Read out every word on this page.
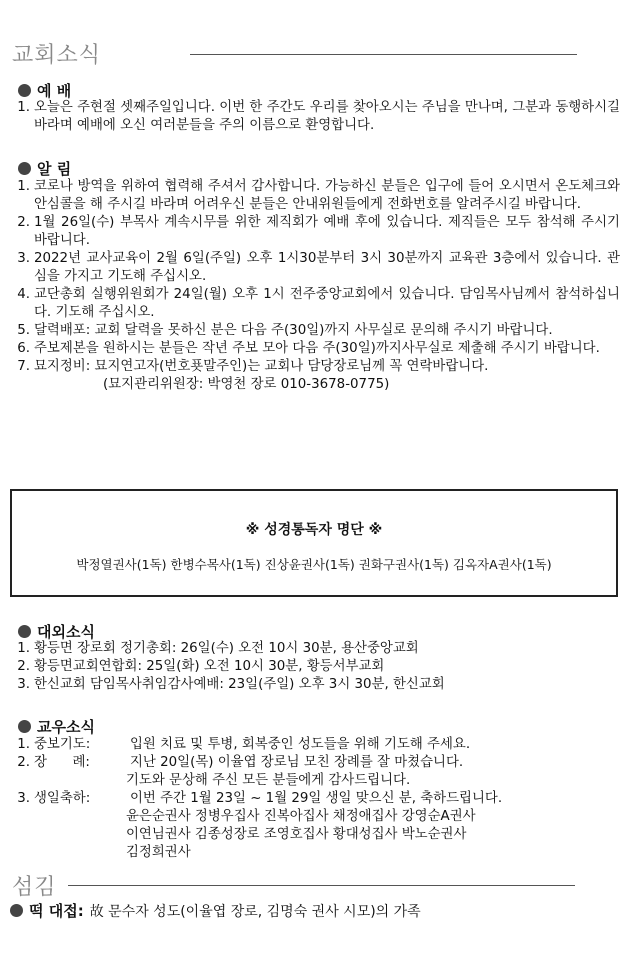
교회소식
예 배
1. 오늘은 주현절 셋째주일입니다. 이번 한 주간도 우리를 찾아오시는 주님을 만나며, 그분과 동행하시길 바라며 예배에 오신 여러분들을 주의 이름으로 환영합니다.
알 림
1. 코로나 방역을 위하여 협력해 주셔서 감사합니다. 가능하신 분들은 입구에 들어 오시면서 온도체크와 안심콜을 해 주시길 바라며 어려우신 분들은 안내위원들에게 전화번호를 알려주시길 바랍니다.
2. 1월 26일(수) 부목사 계속시무를 위한 제직회가 예배 후에 있습니다. 제직들은 모두 참석해 주시기 바랍니다.
3. 2022년 교사교육이 2월 6일(주일) 오후 1시30분부터 3시 30분까지 교육관 3층에서 있습니다. 관심을 가지고 기도해 주십시오.
4. 교단총회 실행위원회가 24일(월) 오후 1시 전주중앙교회에서 있습니다. 담임목사님께서 참석하십니다. 기도해 주십시오.
5. 달력배포: 교회 달력을 못하신 분은 다음 주(30일)까지 사무실로 문의해 주시기 바랍니다.
6. 주보제본을 원하시는 분들은 작년 주보 모아 다음 주(30일)까지사무실로 제출해 주시기 바랍니다.
7. 묘지정비: 묘지연고자(번호푯말주인)는 교회나 담당장로님께 꼭 연락바랍니다.
(묘지관리위원장: 박영천 장로 010-3678-0775)
※ 성경통독자 명단 ※
박정열권사(1독) 한병수목사(1독) 진상윤권사(1독) 권화구권사(1독) 김옥자A권사(1독)
대외소식
1. 황등면 장로회 정기총회: 26일(수) 오전 10시 30분, 용산중앙교회
2. 황등면교회연합회: 25일(화) 오전 10시 30분, 황등서부교회
3. 한신교회 담임목사취임감사예배: 23일(주일) 오후 3시 30분, 한신교회
교우소식
1. 중보기도:	입원 치료 및 투병, 회복중인 성도들을 위해 기도해 주세요.
2. 장      례:	지난 20일(목) 이율엽 장로님 모친 장례를 잘 마쳤습니다.
기도와 문상해 주신 모든 분들에게 감사드립니다.
3. 생일축하:	이번 주간 1월 23일 ~ 1월 29일 생일 맞으신 분, 축하드립니다.
윤은순권사 정병우집사 진복아집사 채정애집사 강영순A권사
이연님권사 김종성장로 조영호집사 황대성집사 박노순권사
김정희권사
섬김
떡 대접: 故 문수자 성도(이율엽 장로, 김명숙 권사 시모)의 가족
